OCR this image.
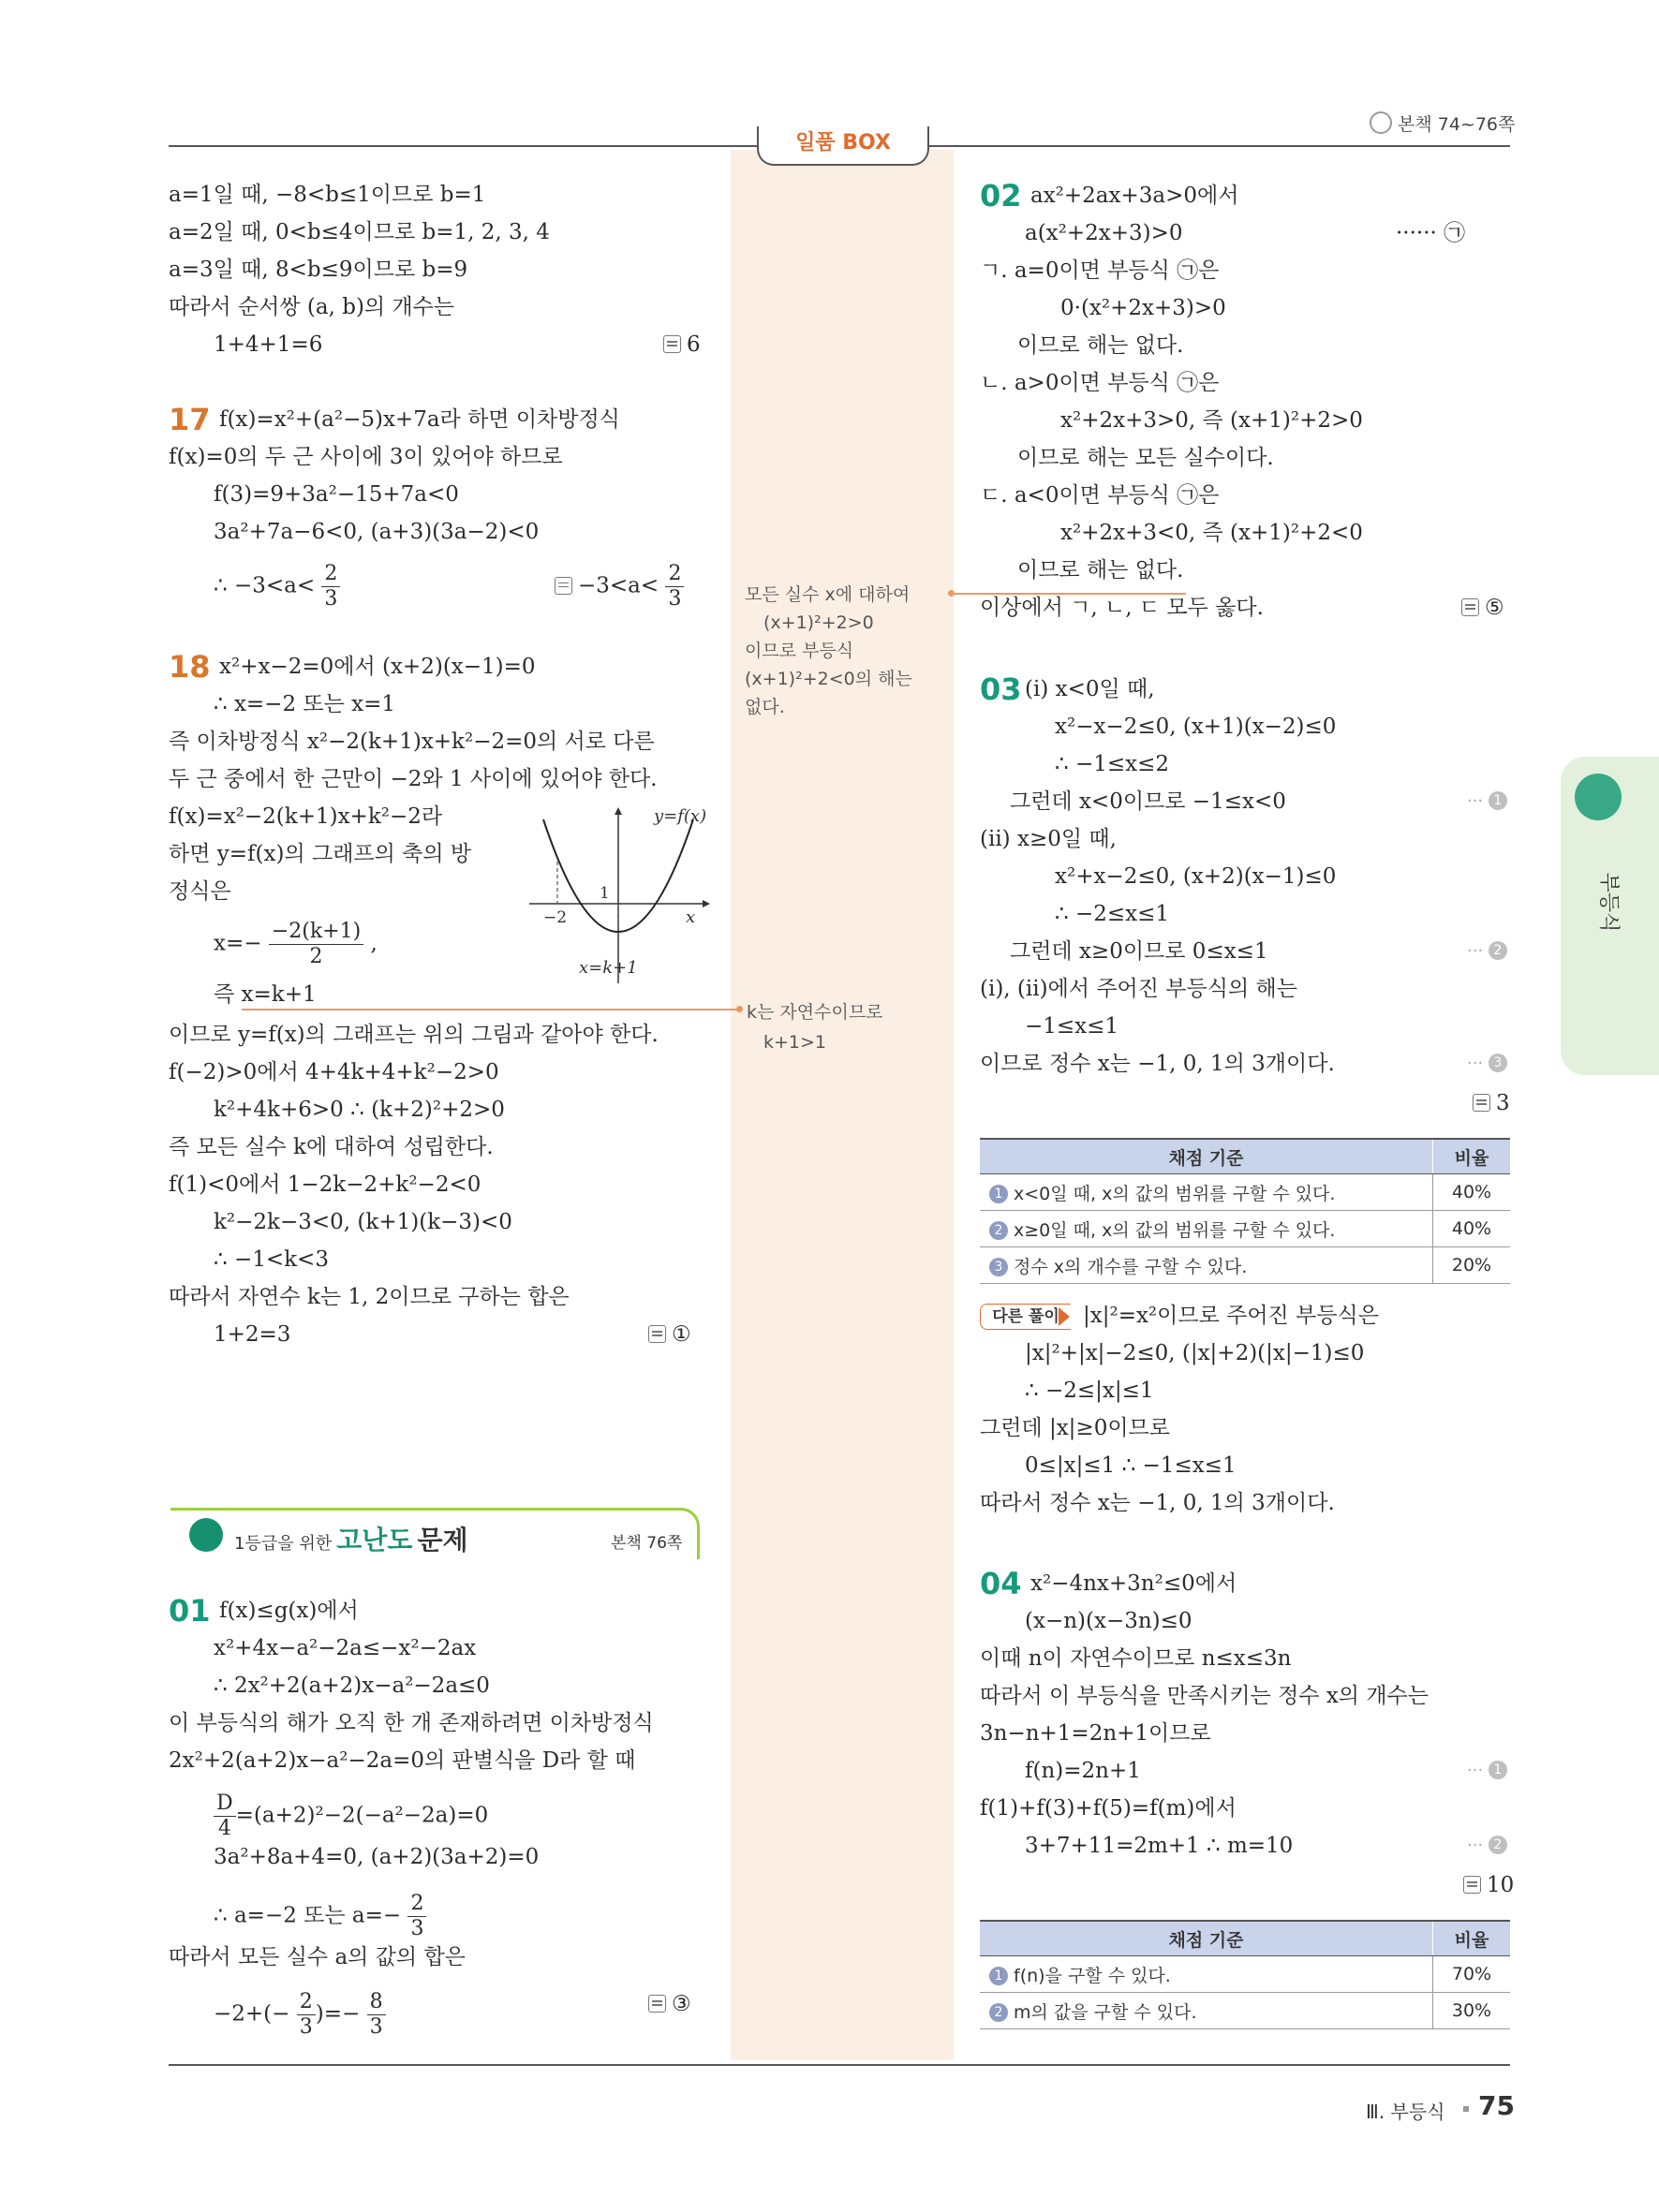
본책 74~76쪽
일품 BOX
a=1일 때, −8<b≤1이므로 b=1
a=2일 때, 0<b≤4이므로 b=1, 2, 3, 4
a=3일 때, 8<b≤9이므로 b=9
따라서 순서쌍 (a, b)의 개수는
1+4+1=6	6
17 f(x)=x²+(a²−5)x+7a라 하면 이차방정식
f(x)=0의 두 근 사이에 3이 있어야 하므로
f(3)=9+3a²−15+7a<0
3a²+7a−6<0, (a+3)(3a−2)<0
∴ $-3<a< \frac{2}{3}$	$-3<a< \frac{2}{3}$
18 x²+x−2=0에서 (x+2)(x−1)=0
∴ x=−2 또는 x=1
즉 이차방정식 x²−2(k+1)x+k²−2=0의 서로 다른
두 근 중에서 한 근만이 −2와 1 사이에 있어야 한다.
f(x)=x²−2(k+1)x+k²−2라
하면 y=f(x)의 그래프의 축의 방
정식은
$x=- \frac{-2(k+1)}{2}$ ,
즉 x=k+1
y=f(x)
−2
1
x
x=k+1
이므로 y=f(x)의 그래프는 위의 그림과 같아야 한다.
f(−2)>0에서 4+4k+4+k²−2>0
k²+4k+6>0 ∴ (k+2)²+2>0
즉 모든 실수 k에 대하여 성립한다.
f(1)<0에서 1−2k−2+k²−2<0
k²−2k−3<0, (k+1)(k−3)<0
∴ −1<k<3
따라서 자연수 k는 1, 2이므로 구하는 합은
1+2=3	①
1등급을 위한 고난도 문제	본책 76쪽
01 f(x)≤g(x)에서
x²+4x−a²−2a≤−x²−2ax
∴ 2x²+2(a+2)x−a²−2a≤0
이 부등식의 해가 오직 한 개 존재하려면 이차방정식
2x²+2(a+2)x−a²−2a=0의 판별식을 D라 할 때
$\frac{D}{4} =(a+2)^2-2(-a^2-2a)=0$
3a²+8a+4=0, (a+2)(3a+2)=0
∴ a=−2 또는 $a=- \frac{2}{3}$
따라서 모든 실수 a의 값의 합은
$-2+(- \frac{2}{3}$ )=− $\frac{8}{3}$	③
모든 실수 x에 대하여
(x+1)²+2>0
이므로 부등식
(x+1)²+2<0의 해는
없다.
k는 자연수이므로
k+1>1
02 ax²+2ax+3a>0에서
a(x²+2x+3)>0	······ ㉠
ㄱ. a=0이면 부등식 ㉠은
0·(x²+2x+3)>0
이므로 해는 없다.
ㄴ. a>0이면 부등식 ㉠은
x²+2x+3>0, 즉 (x+1)²+2>0
이므로 해는 모든 실수이다.
ㄷ. a<0이면 부등식 ㉠은
x²+2x+3<0, 즉 (x+1)²+2<0
이므로 해는 없다.
이상에서 ㄱ, ㄴ, ㄷ 모두 옳다.	⑤
03 (i) x<0일 때,
x²−x−2≤0, (x+1)(x−2)≤0
∴ −1≤x≤2
그런데 x<0이므로 −1≤x<0	··· 1
(ii) x≥0일 때,
x²+x−2≤0, (x+2)(x−1)≤0
∴ −2≤x≤1
그런데 x≥0이므로 0≤x≤1	··· 2
(i), (ii)에서 주어진 부등식의 해는
−1≤x≤1
이므로 정수 x는 −1, 0, 1의 3개이다.	··· 3
3
채점 기준	비율
1 x<0일 때, x의 값의 범위를 구할 수 있다.	40%
2 x≥0일 때, x의 값의 범위를 구할 수 있다.	40%
3 정수 x의 개수를 구할 수 있다.	20%
다른 풀이	|x|²=x²이므로 주어진 부등식은
|x|²+|x|−2≤0, (|x|+2)(|x|−1)≤0
∴ −2≤|x|≤1
그런데 |x|≥0이므로
0≤|x|≤1 ∴ −1≤x≤1
따라서 정수 x는 −1, 0, 1의 3개이다.
04 x²−4nx+3n²≤0에서
(x−n)(x−3n)≤0
이때 n이 자연수이므로 n≤x≤3n
따라서 이 부등식을 만족시키는 정수 x의 개수는
3n−n+1=2n+1이므로
f(n)=2n+1	··· 1
f(1)+f(3)+f(5)=f(m)에서
3+7+11=2m+1 ∴ m=10	··· 2
10
채점 기준	비율
1 f(n)을 구할 수 있다.	70%
2 m의 값을 구할 수 있다.	30%
부등식
Ⅲ. 부등식 75
